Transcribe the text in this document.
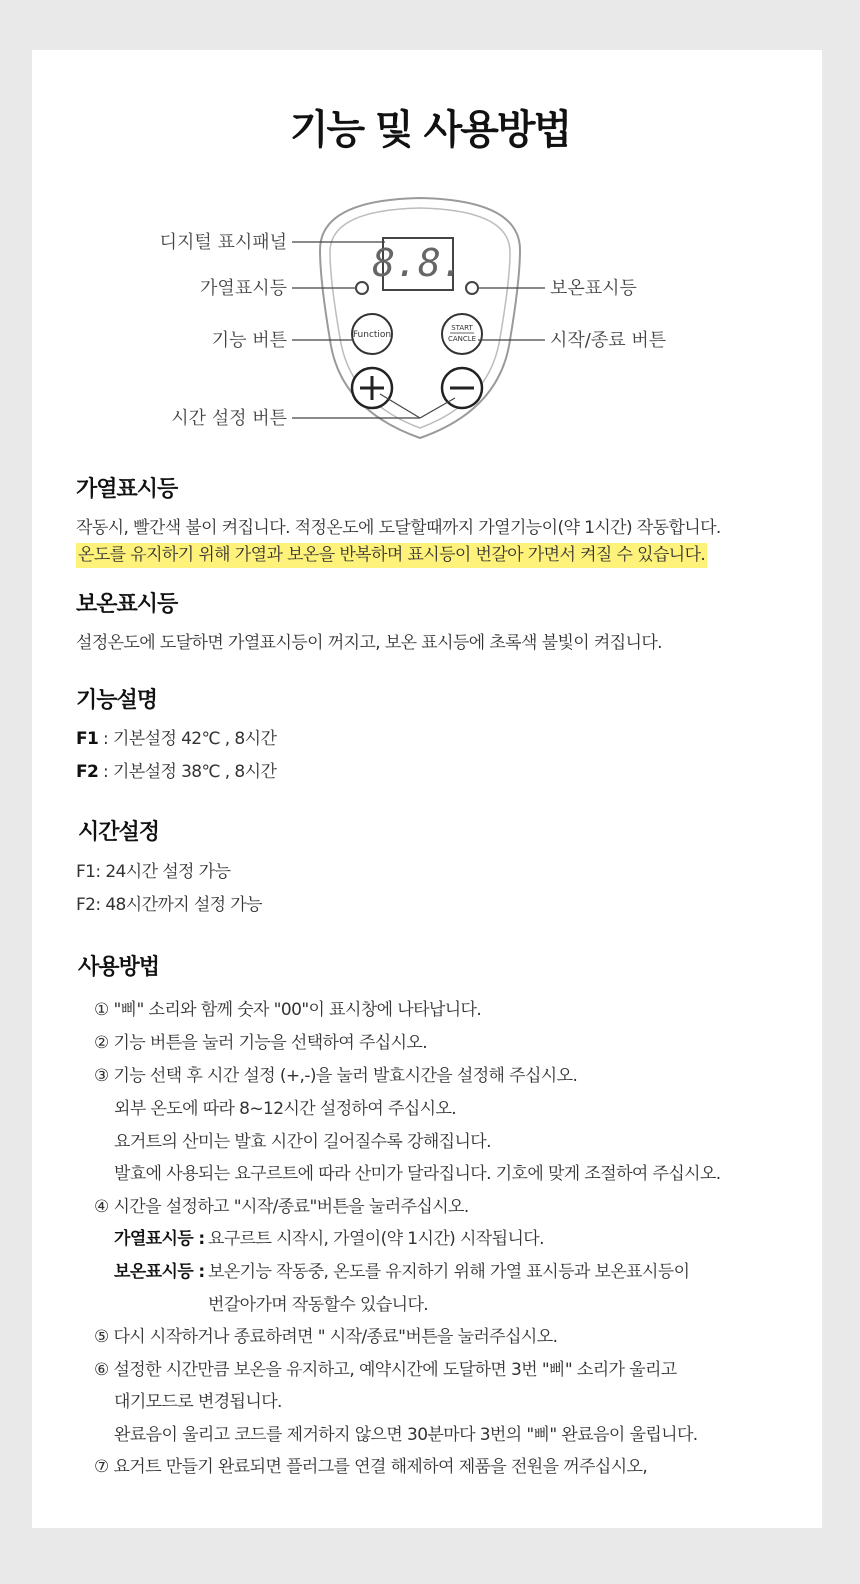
기능 및 사용방법
8.8.
Function
START
CANCLE
디지털 표시패널
가열표시등
기능 버튼
시간 설정 버튼
보온표시등
시작/종료 버튼
가열표시등
작동시, 빨간색 불이 켜집니다. 적정온도에 도달할때까지 가열기능이(약 1시간) 작동합니다.
온도를 유지하기 위해 가열과 보온을 반복하며 표시등이 번갈아 가면서 켜질 수 있습니다.
보온표시등
설정온도에 도달하면 가열표시등이 꺼지고, 보온 표시등에 초록색 불빛이 켜집니다.
기능설명
F1 : 기본설정 42℃ , 8시간
F2 : 기본설정 38℃ , 8시간
시간설정
F1: 24시간 설정 가능
F2: 48시간까지 설정 가능
사용방법
① "삐" 소리와 함께 숫자 "00"이 표시창에 나타납니다.
② 기능 버튼을 눌러 기능을 선택하여 주십시오.
③ 기능 선택 후 시간 설정 (+,-)을 눌러 발효시간을 설정해 주십시오.
외부 온도에 따라 8~12시간 설정하여 주십시오.
요거트의 산미는 발효 시간이 길어질수록 강해집니다.
발효에 사용되는 요구르트에 따라 산미가 달라집니다. 기호에 맞게 조절하여 주십시오.
④ 시간을 설정하고 "시작/종료"버튼을 눌러주십시오.
가열표시등 : 요구르트 시작시, 가열이(약 1시간) 시작됩니다.
보온표시등 : 보온기능 작동중, 온도를 유지하기 위해 가열 표시등과 보온표시등이
번갈아가며 작동할수 있습니다.
⑤ 다시 시작하거나 종료하려면 " 시작/종료"버튼을 눌러주십시오.
⑥ 설정한 시간만큼 보온을 유지하고, 예약시간에 도달하면 3번 "삐" 소리가 울리고
대기모드로 변경됩니다.
완료음이 울리고 코드를 제거하지 않으면 30분마다 3번의 "삐" 완료음이 울립니다.
⑦ 요거트 만들기 완료되면 플러그를 연결 해제하여 제품을 전원을 꺼주십시오,
